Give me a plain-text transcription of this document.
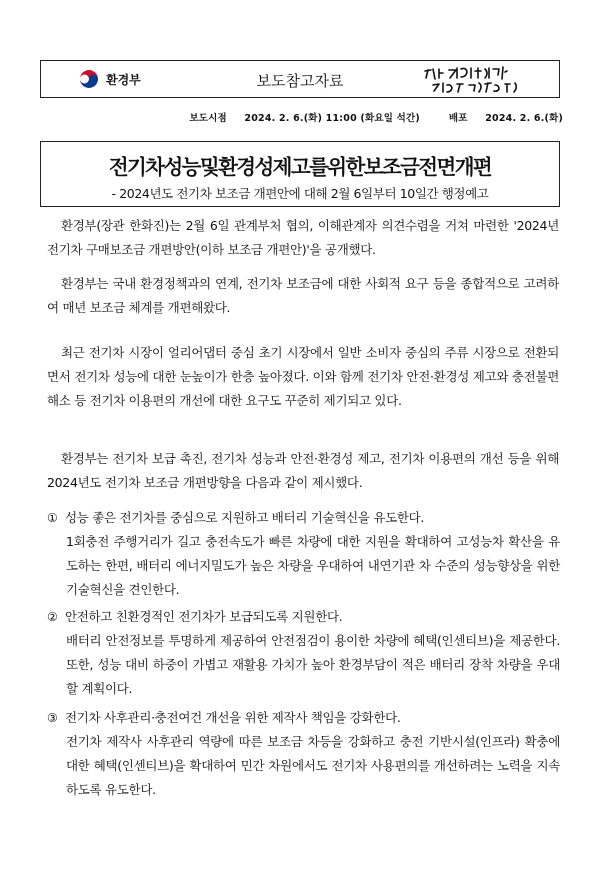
환경부	보도참고자료
보도시점 2024. 2. 6.(화) 11:00 (화요일 석간)	배포 2024. 2. 6.(화)
전기차성능및환경성제고를위한보조금전면개편
- 2024년도 전기차 보조금 개편안에 대해 2월 6일부터 10일간 행정예고

환경부(장관 한화진)는 2월 6일 관계부처 협의, 이해관계자 의견수렴을 거쳐 마련한 '2024년 전기차 구매보조금 개편방안(이하 보조금 개편안)'을 공개했다.

환경부는 국내 환경정책과의 연계, 전기차 보조금에 대한 사회적 요구 등을 종합적으로 고려하여 매년 보조금 체계를 개편해왔다.

최근 전기차 시장이 얼리어댑터 중심 초기 시장에서 일반 소비자 중심의 주류 시장으로 전환되면서 전기차 성능에 대한 눈높이가 한층 높아졌다. 이와 함께 전기차 안전·환경성 제고와 충전불편 해소 등 전기차 이용편의 개선에 대한 요구도 꾸준히 제기되고 있다.

환경부는 전기차 보급 촉진, 전기차 성능과 안전·환경성 제고, 전기차 이용편의 개선 등을 위해 2024년도 전기차 보조금 개편방향을 다음과 같이 제시했다.

① 성능 좋은 전기차를 중심으로 지원하고 배터리 기술혁신을 유도한다.

1회충전 주행거리가 길고 충전속도가 빠른 차량에 대한 지원을 확대하여 고성능차 확산을 유도하는 한편, 배터리 에너지밀도가 높은 차량을 우대하여 내연기관 차 수준의 성능향상을 위한 기술혁신을 견인한다.

② 안전하고 친환경적인 전기차가 보급되도록 지원한다.

배터리 안전정보를 투명하게 제공하여 안전점검이 용이한 차량에 혜택(인센티브)을 제공한다. 또한, 성능 대비 하중이 가볍고 재활용 가치가 높아 환경부담이 적은 배터리 장착 차량을 우대할 계획이다.

③ 전기차 사후관리·충전여건 개선을 위한 제작사 책임을 강화한다.

전기차 제작사 사후관리 역량에 따른 보조금 차등을 강화하고 충전 기반시설(인프라) 확충에 대한 혜택(인센티브)을 확대하여 민간 차원에서도 전기차 사용편의를 개선하려는 노력을 지속하도록 유도한다.
